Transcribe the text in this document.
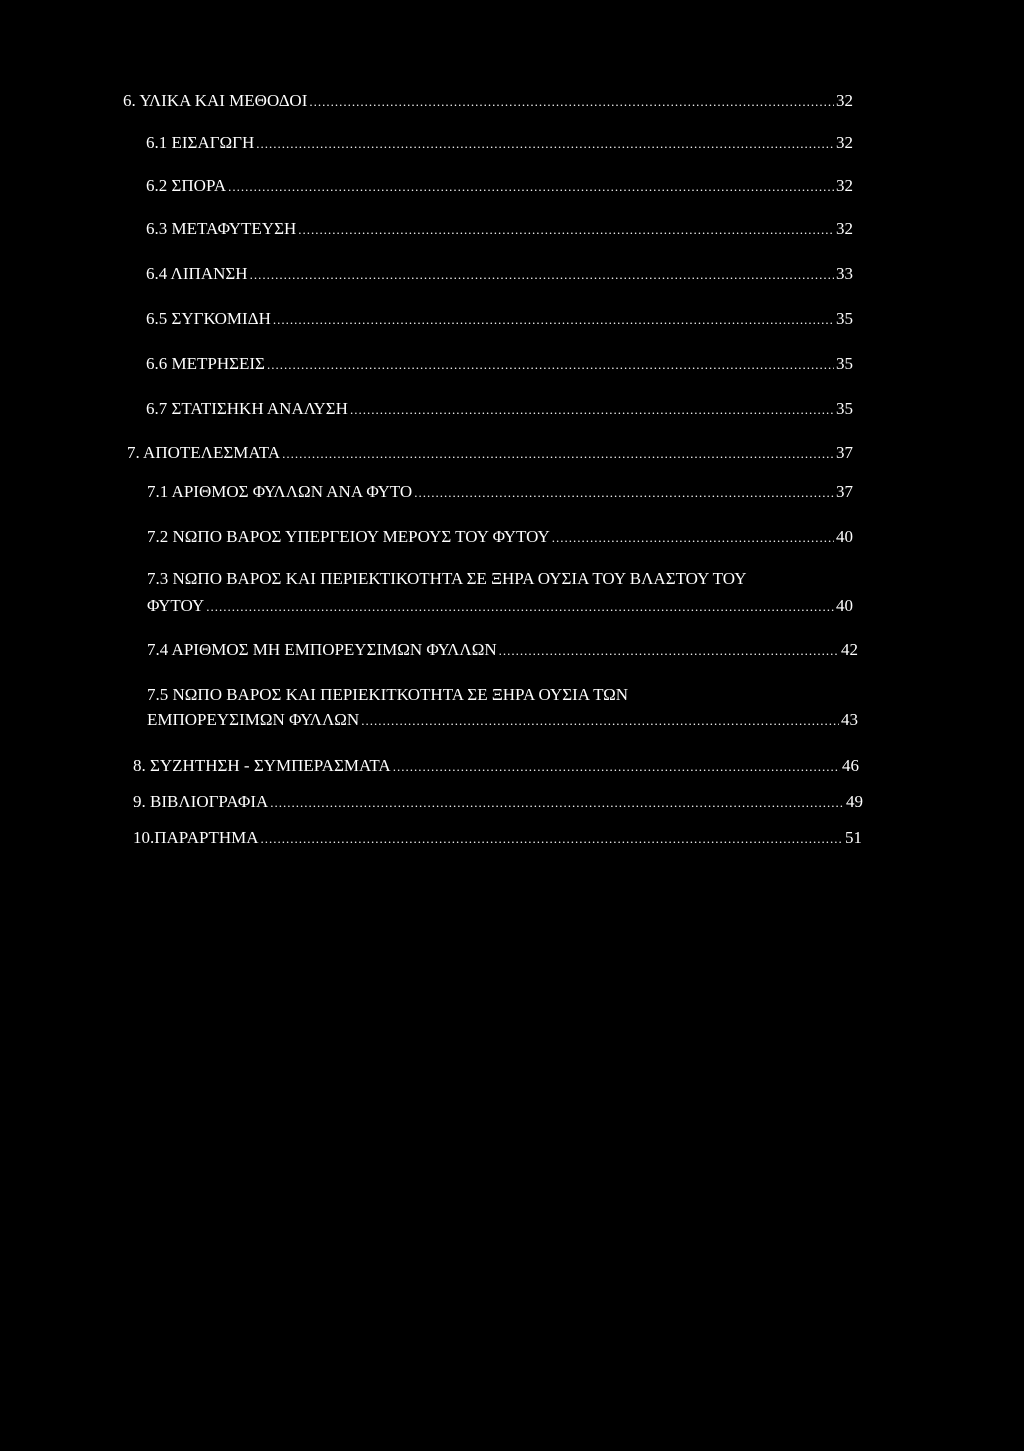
6. ΥΛΙΚΑ ΚΑΙ ΜΕΘΟΔΟΙ .....	32
6.1 ΕΙΣΑΓΩΓΗ .....	32
6.2 ΣΠΟΡΑ .....	32
6.3 ΜΕΤΑΦΥΤΕΥΣΗ .....	32
6.4 ΛΙΠΑΝΣΗ .....	33
6.5 ΣΥΓΚΟΜΙΔΗ .....	35
6.6 ΜΕΤΡΗΣΕΙΣ .....	35
6.7 ΣΤΑΤΙΣΗΚΗ ΑΝΑΛΥΣΗ .....	35
7. ΑΠΟΤΕΛΕΣΜΑΤΑ .....	37
7.1 ΑΡΙΘΜΟΣ ΦΥΛΛΩΝ ΑΝΑ ΦΥΤΟ .....	37
7.2 ΝΩΠΟ ΒΑΡΟΣ ΥΠΕΡΓΕΙΟΥ ΜΕΡΟΥΣ ΤΟΥ ΦΥΤΟΥ .....	40
7.3 ΝΩΠΟ ΒΑΡΟΣ ΚΑΙ ΠΕΡΙΕΚΤΙΚΟΤΗΤΑ ΣΕ ΞΗΡΑ ΟΥΣΙΑ ΤΟΥ ΒΛΑΣΤΟΥ ΤΟΥ
ΦΥΤΟΥ .....	40
7.4 ΑΡΙΘΜΟΣ ΜΗ ΕΜΠΟΡΕΥΣΙΜΩΝ ΦΥΛΛΩΝ .....	42
7.5 ΝΩΠΟ ΒΑΡΟΣ ΚΑΙ ΠΕΡΙΕΚΙΤΚΟΤΗΤΑ ΣΕ ΞΗΡΑ ΟΥΣΙΑ ΤΩΝ
ΕΜΠΟΡΕΥΣΙΜΩΝ ΦΥΛΛΩΝ .....	43
8. ΣΥΖΗΤΗΣΗ - ΣΥΜΠΕΡΑΣΜΑΤΑ .....	46
9. ΒΙΒΛΙΟΓΡΑΦΙΑ .....	49
10.ΠΑΡΑΡΤΗΜΑ .....	51
